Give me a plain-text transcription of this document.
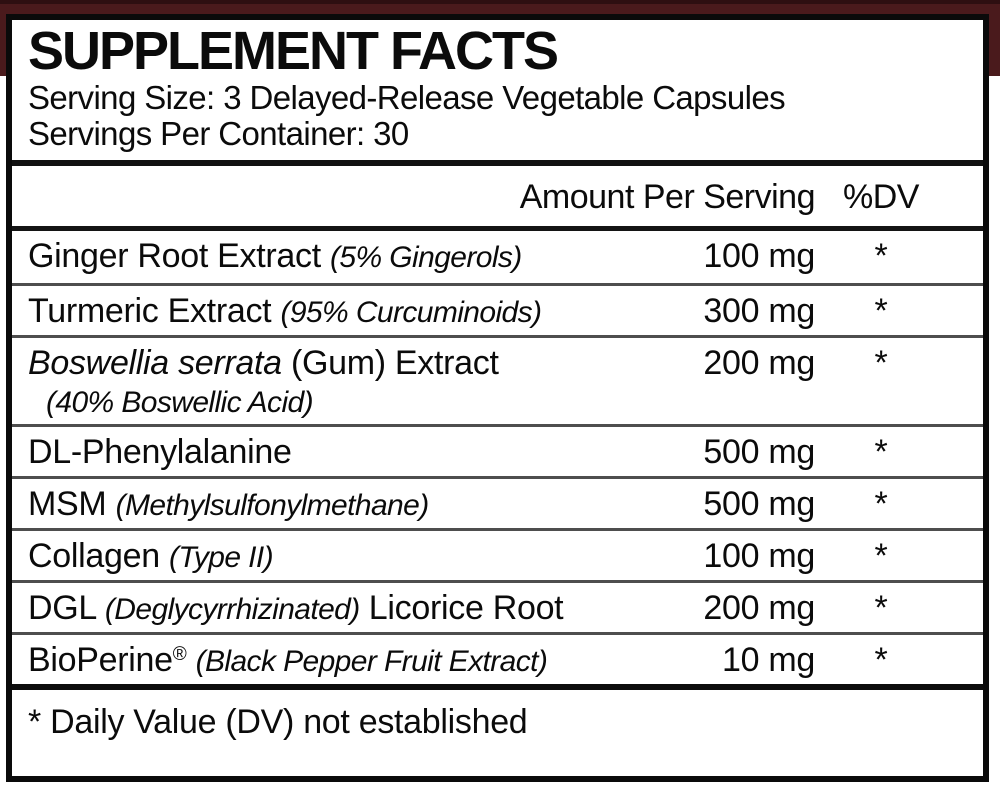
SUPPLEMENT FACTS
Serving Size: 3 Delayed-Release Vegetable Capsules
Servings Per Container: 30
Amount Per Serving %DV
Ginger Root Extract (5% Gingerols)	100 mg	*
Turmeric Extract (95% Curcuminoids)	300 mg	*
Boswellia serrata (Gum) Extract
(40% Boswellic Acid)
200 mg	*
DL-Phenylalanine	500 mg	*
MSM (Methylsulfonylmethane)	500 mg	*
Collagen (Type II)	100 mg	*
DGL (Deglycyrrhizinated) Licorice Root	200 mg	*
BioPerine® (Black Pepper Fruit Extract)	10 mg	*
* Daily Value (DV) not established
